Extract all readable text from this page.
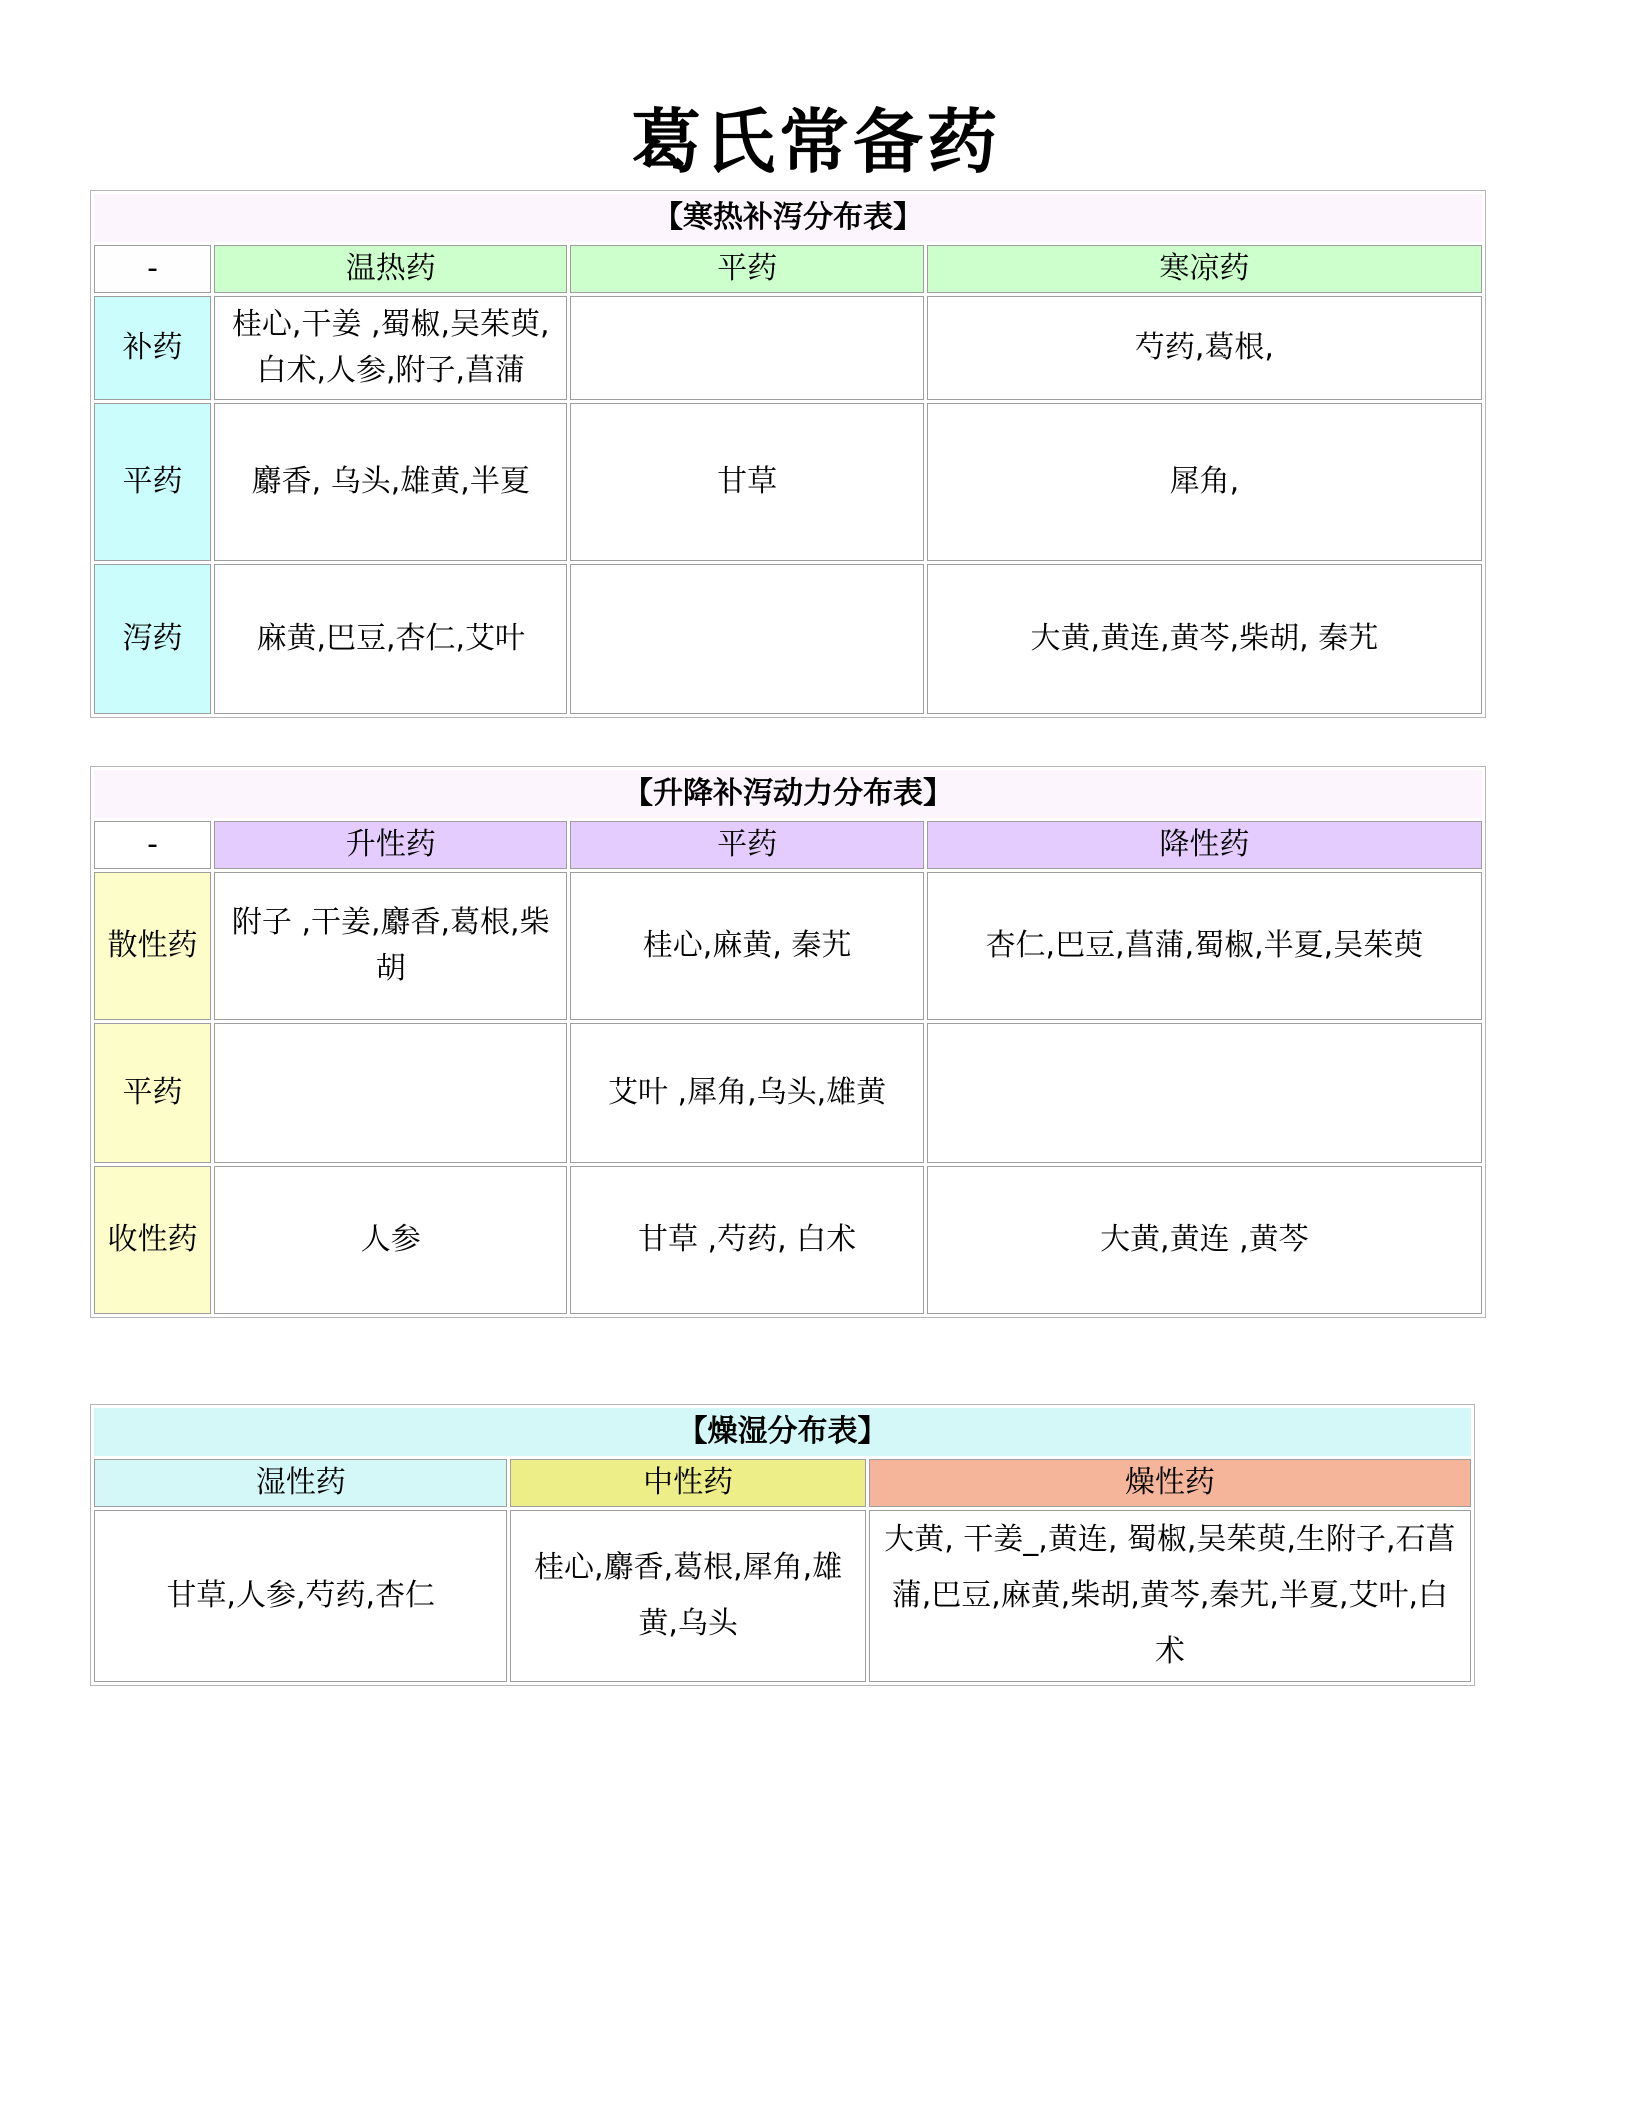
葛氏常备药
【寒热补泻分布表】			
-	温热药	平药	寒凉药
补药	桂心,干姜 ,蜀椒,吴茱萸,白术,人参,附子,菖蒲		芍药,葛根,
平药	麝香, 乌头,雄黄,半夏	甘草	犀角,
泻药	麻黄,巴豆,杏仁,艾叶		大黄,黄连,黄芩,柴胡, 秦艽
【升降补泻动力分布表】			
-	升性药	平药	降性药
散性药	附子 ,干姜,麝香,葛根,柴胡	桂心,麻黄, 秦艽	杏仁,巴豆,菖蒲,蜀椒,半夏,吴茱萸
平药		艾叶 ,犀角,乌头,雄黄	
收性药	人参	甘草 ,芍药, 白术	大黄,黄连 ,黄芩
【燥湿分布表】		
湿性药	中性药	燥性药
甘草,人参,芍药,杏仁	桂心,麝香,葛根,犀角,雄黄,乌头	大黄, 干姜_,黄连, 蜀椒,吴茱萸,生附子,石菖蒲,巴豆,麻黄,柴胡,黄芩,秦艽,半夏,艾叶,白术
